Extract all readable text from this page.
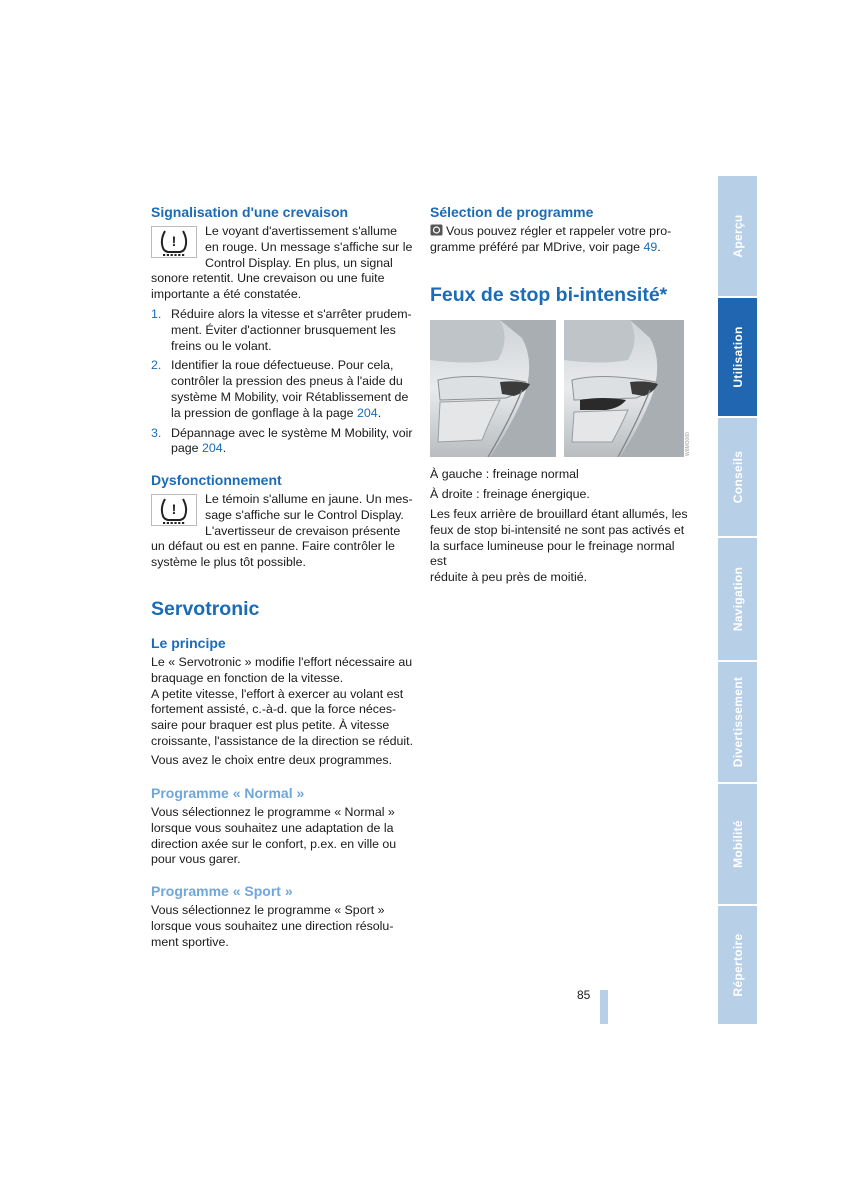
Signalisation d'une crevaison

!

Le voyant d'avertissement s'allume

en rouge. Un message s'affiche sur le

Control Display. En plus, un signal

sonore retentit. Une crevaison ou une fuite

importante a été constatée.

1. Réduire alors la vitesse et s'arrêter prudem-
ment. Éviter d'actionner brusquement les
freins ou le volant.
2. Identifier la roue défectueuse. Pour cela,
contrôler la pression des pneus à l'aide du
système M Mobility, voir Rétablissement de
la pression de gonflage à la page 204.
3. Dépannage avec le système M Mobility, voir
page 204.

Dysfonctionnement

!

Le témoin s'allume en jaune. Un mes-

sage s'affiche sur le Control Display.

L'avertisseur de crevaison présente

un défaut ou est en panne. Faire contrôler le

système le plus tôt possible.

Servotronic

Le principe

Le « Servotronic » modifie l'effort nécessaire au

braquage en fonction de la vitesse.

A petite vitesse, l'effort à exercer au volant est

fortement assisté, c.-à-d. que la force néces-

saire pour braquer est plus petite. À vitesse

croissante, l'assistance de la direction se réduit.

Vous avez le choix entre deux programmes.

Programme « Normal »

Vous sélectionnez le programme « Normal »

lorsque vous souhaitez une adaptation de la

direction axée sur le confort, p.ex. en ville ou

pour vous garer.

Programme « Sport »

Vous sélectionnez le programme « Sport »

lorsque vous souhaitez une direction résolu-

ment sportive.

Sélection de programme

Vous pouvez régler et rappeler votre pro-

gramme préféré par MDrive, voir page 49.

Feux de stop bi-intensité*

W6MO060

À gauche : freinage normal

À droite : freinage énergique.

Les feux arrière de brouillard étant allumés, les

feux de stop bi-intensité ne sont pas activés et

la surface lumineuse pour le freinage normal est

réduite à peu près de moitié.

85

Aperçu
Utilisation
Conseils
Navigation
Divertissement
Mobilité
Répertoire
